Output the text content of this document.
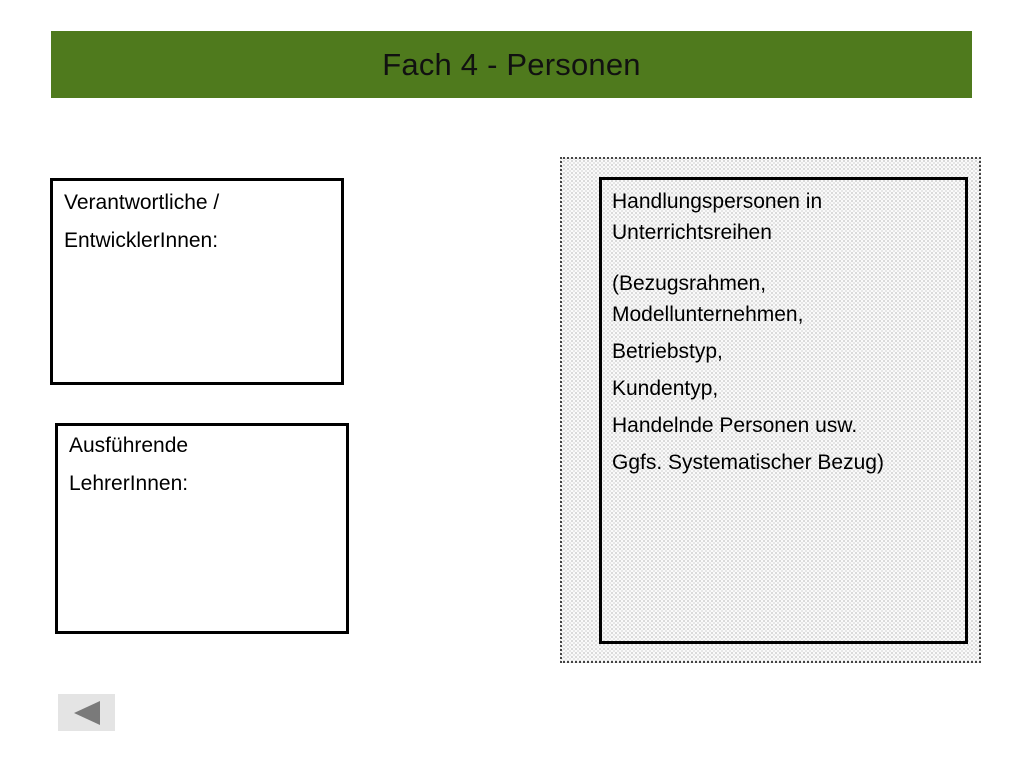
Fach 4 - Personen
Verantwortliche /
EntwicklerInnen:
Ausführende
LehrerInnen:
Handlungspersonen in
Unterrichtsreihen
(Bezugsrahmen,
Modellunternehmen,
Betriebstyp,
Kundentyp,
Handelnde Personen usw.
Ggfs. Systematischer Bezug)
